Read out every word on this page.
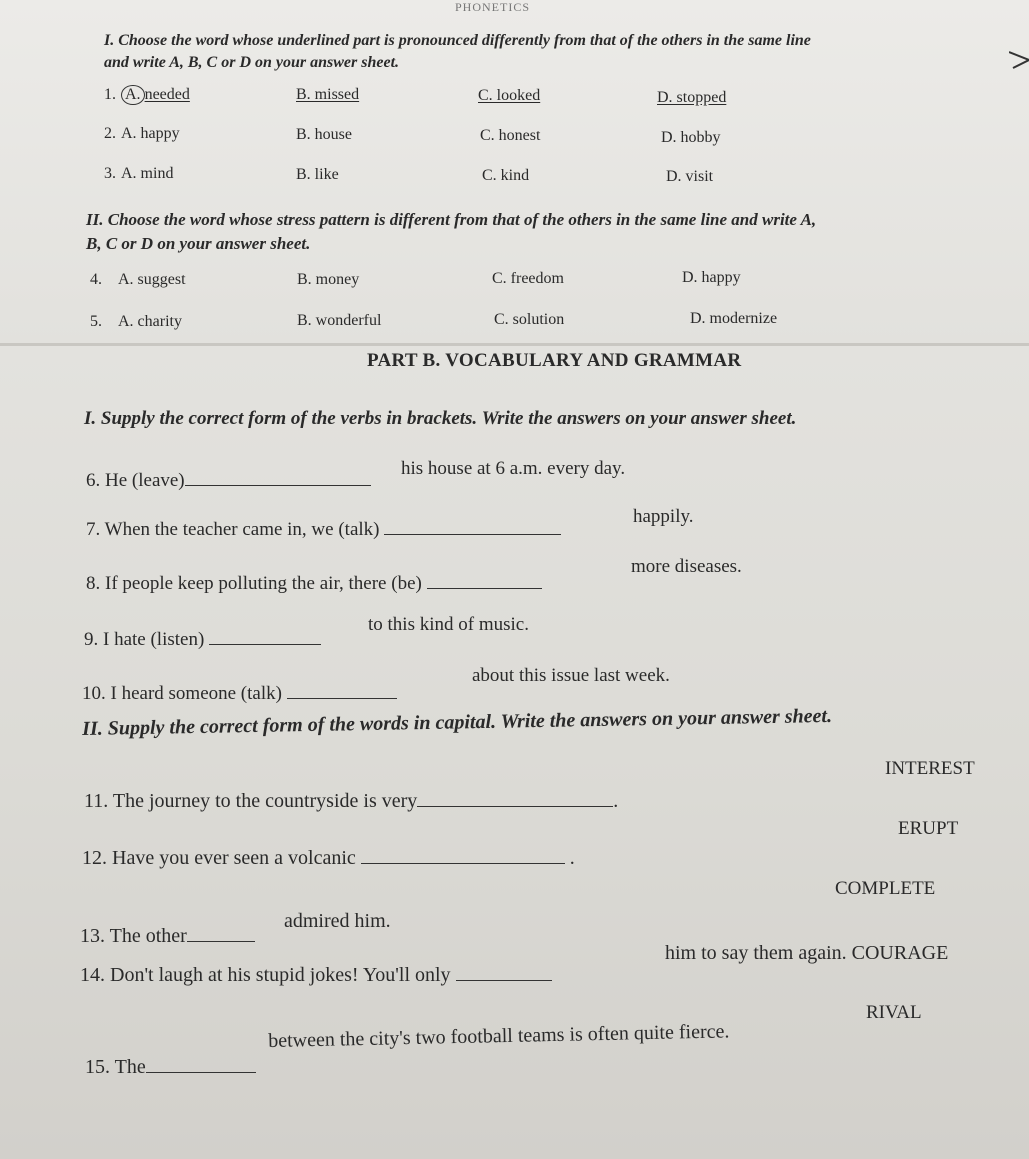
PHONETICS
I. Choose the word whose underlined part is pronounced differently from that of the others in the same line
and write A, B, C or D on your answer sheet.
1. A. needed	B. missed	C. looked	D. stopped
2. A. happy	B. house	C. honest	D. hobby
3. A. mind	B. like	C. kind	D. visit
II. Choose the word whose stress pattern is different from that of the others in the same line and write A,
B, C or D on your answer sheet.
4. A. suggest	B. money	C. freedom	D. happy
5. A. charity	B. wonderful	C. solution	D. modernize
PART B. VOCABULARY AND GRAMMAR
I. Supply the correct form of the verbs in brackets. Write the answers on your answer sheet.
6. He (leave)
his house at 6 a.m. every day.
7. When the teacher came in, we (talk)
happily.
8. If people keep polluting the air, there (be)
more diseases.
9. I hate (listen)
to this kind of music.
10. I heard someone (talk)
about this issue last week.
II. Supply the correct form of the words in capital. Write the answers on your answer sheet.
INTEREST
11. The journey to the countryside is very	.
ERUPT
12. Have you ever seen a volcanic	.
COMPLETE
13. The other
admired him.
14. Don't laugh at his stupid jokes! You'll only
him to say them again. COURAGE
RIVAL
15. The
between the city's two football teams is often quite fierce.
